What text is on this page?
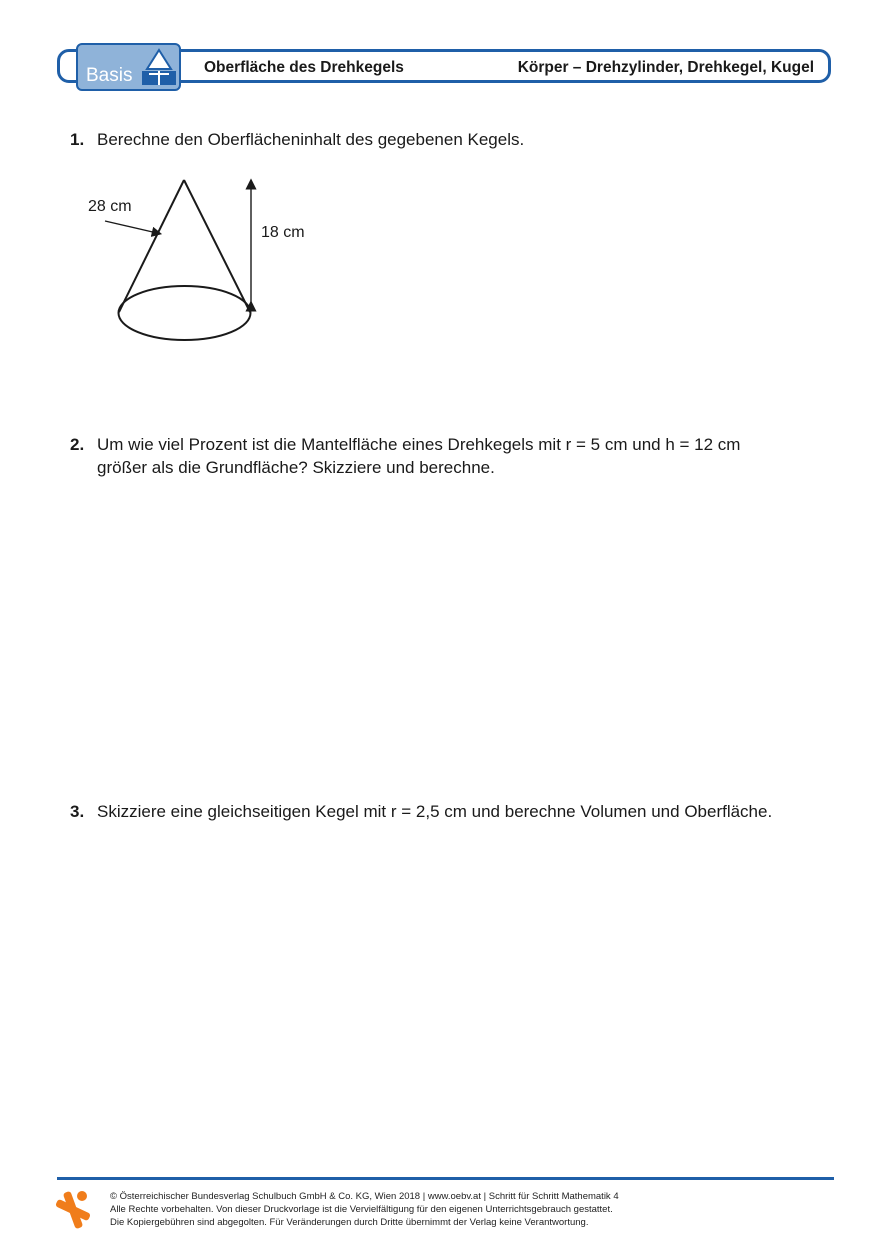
Basis	Oberfläche des Drehkegels	Körper – Drehzylinder, Drehkegel, Kugel
1. Berechne den Oberflächeninhalt des gegebenen Kegels.
28 cm
18 cm
2. Um wie viel Prozent ist die Mantelfläche eines Drehkegels mit r = 5 cm und h = 12 cm
größer als die Grundfläche? Skizziere und berechne.
3. Skizziere eine gleichseitigen Kegel mit r = 2,5 cm und berechne Volumen und Oberfläche.
© Österreichischer Bundesverlag Schulbuch GmbH & Co. KG, Wien 2018 | www.oebv.at | Schritt für Schritt Mathematik 4
Alle Rechte vorbehalten. Von dieser Druckvorlage ist die Vervielfältigung für den eigenen Unterrichtsgebrauch gestattet.
Die Kopiergebühren sind abgegolten. Für Veränderungen durch Dritte übernimmt der Verlag keine Verantwortung.
